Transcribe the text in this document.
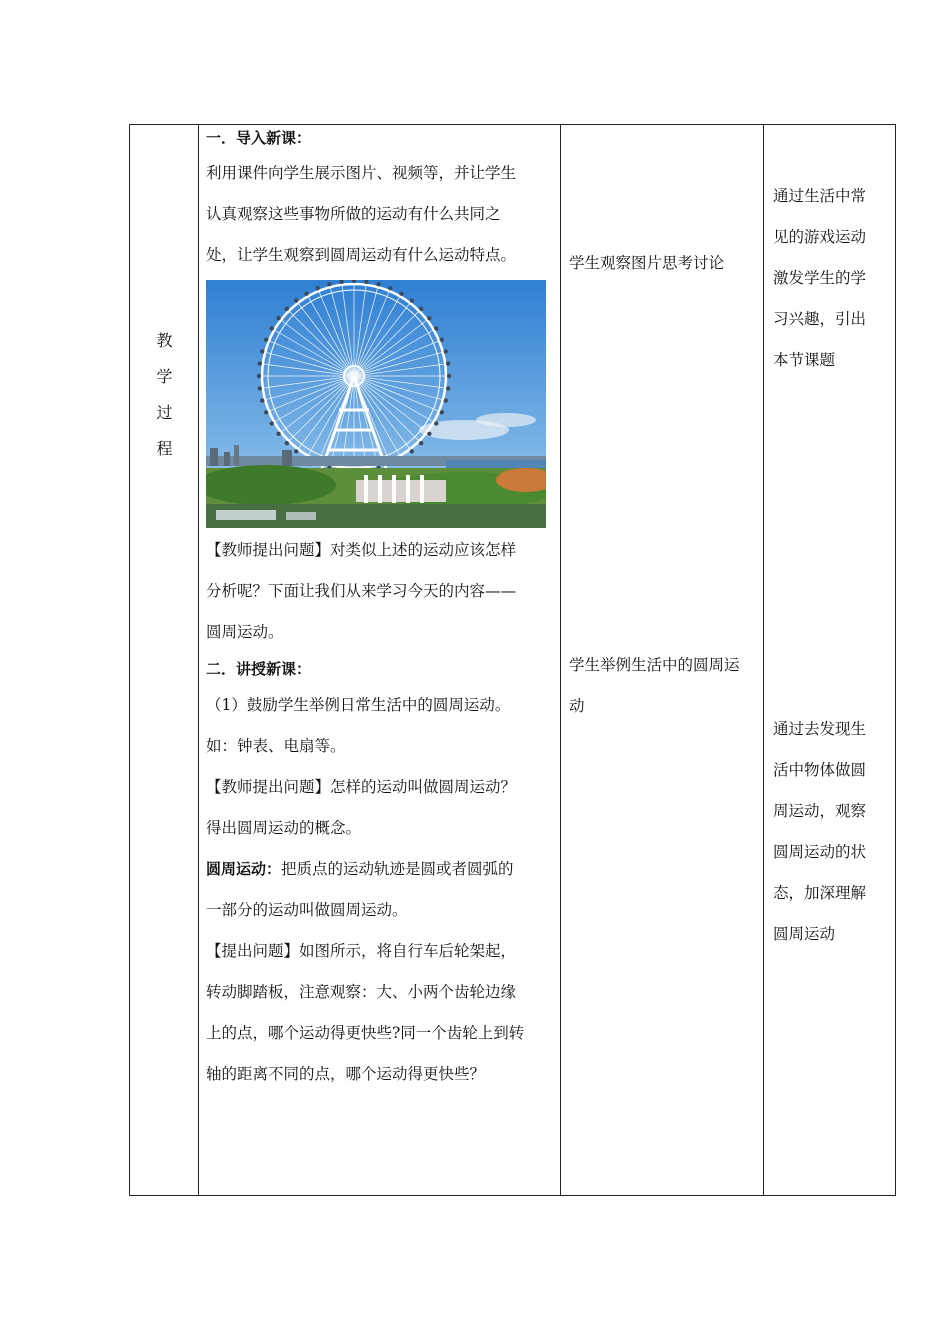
教
学
过
程
一．导入新课：
利用课件向学生展示图片、视频等，并让学生
认真观察这些事物所做的运动有什么共同之
处，让学生观察到圆周运动有什么运动特点。
【教师提出问题】对类似上述的运动应该怎样
分析呢？下面让我们从来学习今天的内容——
圆周运动。
二．讲授新课：
（1）鼓励学生举例日常生活中的圆周运动。
如：钟表、电扇等。
【教师提出问题】怎样的运动叫做圆周运动？
得出圆周运动的概念。
圆周运动：把质点的运动轨迹是圆或者圆弧的
一部分的运动叫做圆周运动。
【提出问题】如图所示，将自行车后轮架起，
转动脚踏板，注意观察：大、小两个齿轮边缘
上的点，哪个运动得更快些?同一个齿轮上到转
轴的距离不同的点，哪个运动得更快些？
学生观察图片思考讨论
学生举例生活中的圆周运
动
通过生活中常
见的游戏运动
激发学生的学
习兴趣，引出
本节课题
通过去发现生
活中物体做圆
周运动，观察
圆周运动的状
态，加深理解
圆周运动
